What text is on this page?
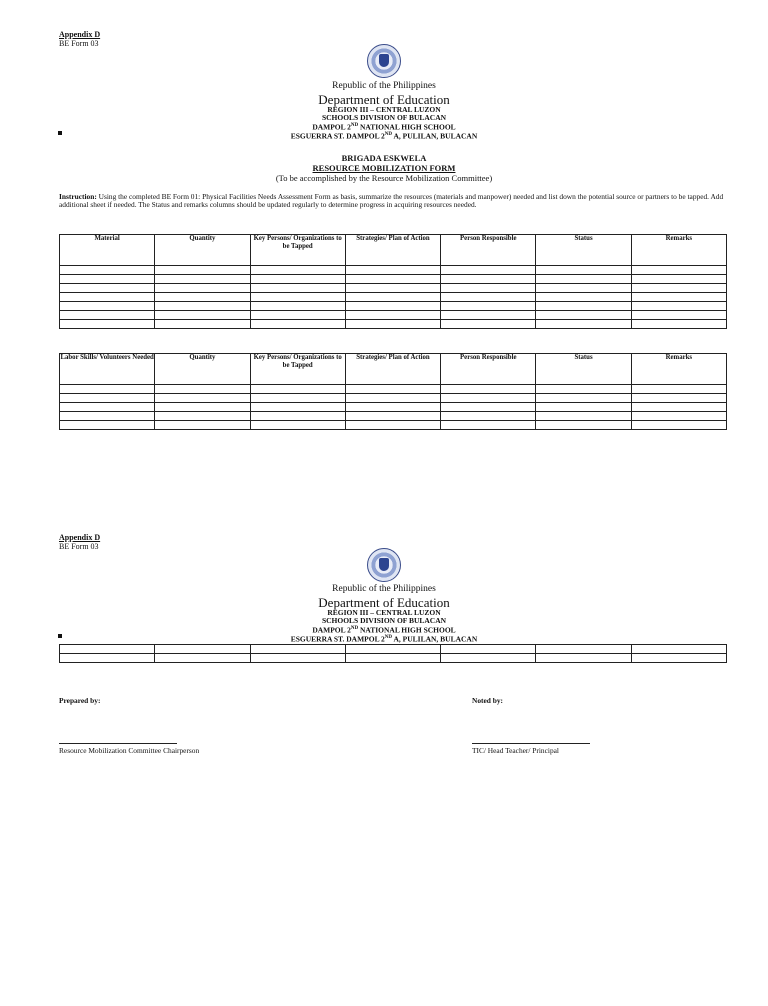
Appendix D
BE Form 03
Republic of the Philippines
Department of Education
REGION III – CENTRAL LUZON
SCHOOLS DIVISION OF BULACAN
DAMPOL 2ND NATIONAL HIGH SCHOOL
ESGUERRA ST. DAMPOL 2ND A, PULILAN, BULACAN
BRIGADA ESKWELA
RESOURCE MOBILIZATION FORM
(To be accomplished by the Resource Mobilization Committee)
Instruction: Using the completed BE Form 01: Physical Facilities Needs Assessment Form as basis, summarize the resources (materials and manpower) needed and list down the potential source or partners to be tapped. Add additional sheet if needed. The Status and remarks columns should be updated regularly to determine progress in acquiring resources needed.
Material	Quantity	Key Persons/ Organizations to be Tapped	Strategies/ Plan of Action	Person Responsible	Status	Remarks

Labor Skills/ Volunteers Needed	Quantity	Key Persons/ Organizations to be Tapped	Strategies/ Plan of Action	Person Responsible	Status	Remarks

Appendix D
BE Form 03
Republic of the Philippines
Department of Education
REGION III – CENTRAL LUZON
SCHOOLS DIVISION OF BULACAN
DAMPOL 2ND NATIONAL HIGH SCHOOL
ESGUERRA ST. DAMPOL 2ND A, PULILAN, BULACAN

Prepared by:	Noted by:
Resource Mobilization Committee Chairperson	TIC/ Head Teacher/ Principal
